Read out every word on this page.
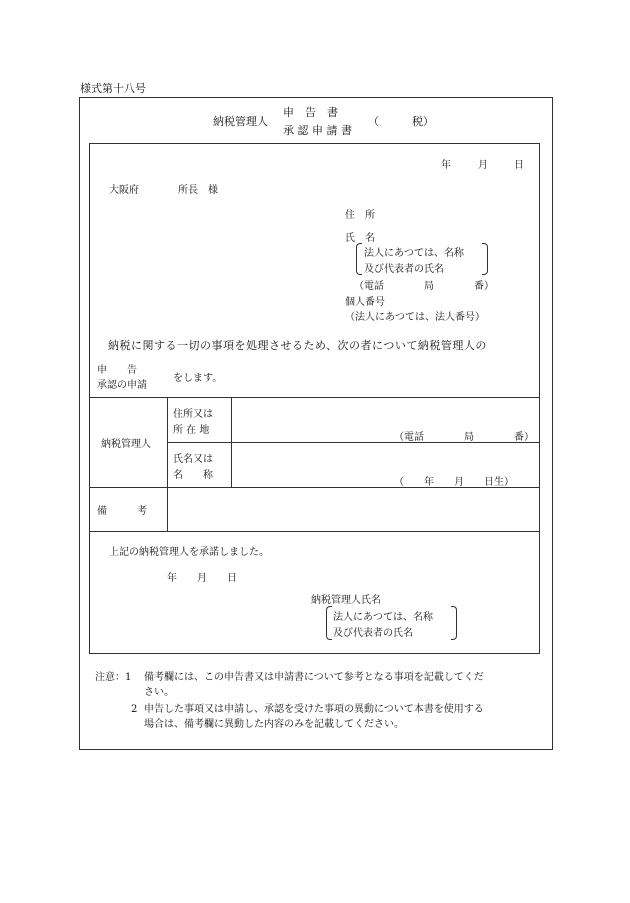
様式第十八号
納税管理人
申　告　書
承 認 申 請 書
（　　　税）
年	月	日
大阪府	所長　様
住　所
氏　名
法人にあつては、名称
及び代表者の氏名
（電話　　　　局　　　　番）
個人番号
（法人にあつては、法人番号）
納税に関する一切の事項を処理させるため、次の者について納税管理人の
申　　告
承認の申請
をします。
納税管理人
住所又は
所 在 地
（電話　　　　局　　　　番）
氏名又は
名　　称
（　　年　　月　　日生）
備　　　考
上記の納税管理人を承諾しました。
年　　月　　日
納税管理人氏名
法人にあつては、名称
及び代表者の氏名
注意：1 備考欄には、この申告書又は申請書について参考となる事項を記載してくだ
さい。
2 申告した事項又は申請し、承認を受けた事項の異動について本書を使用する
場合は、備考欄に異動した内容のみを記載してください。
